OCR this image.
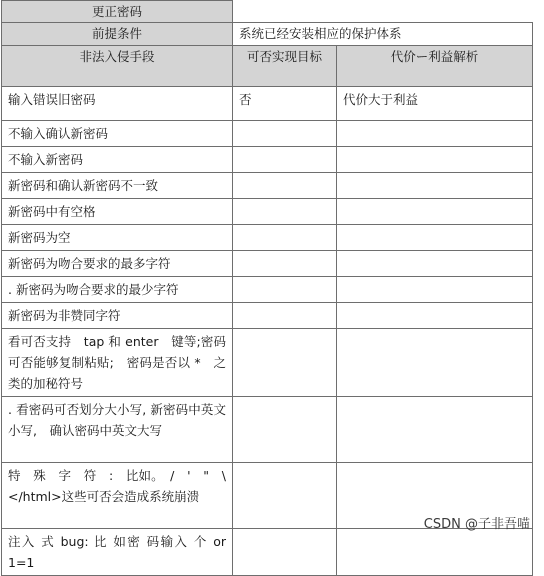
更正密码		
前提条件	系统已经安装相应的保护体系	
非法入侵手段	可否实现目标	代价ー利益解析
输入错误旧密码	否	代价大于利益
不输入确认新密码		
不输入新密码		
新密码和确认新密码不一致		
新密码中有空格		
新密码为空		
新密码为吻合要求的最多字符		
. 新密码为吻合要求的最少字符		
新密码为非赞同字符		
看可否支持　tap 和 enter　键等;密码可否能够复制粘贴;　密码是否以 *　之类的加秘符号		
. 看密码可否划分大小写, 新密码中英文小写,　确认密码中英文大写		
特　殊　字　符　:　比如。　/　'　"　\　</html>这些可否会造成系统崩溃		
注入 式 bug: 比 如密 码输入 个 or　1=1		
CSDN @子非吾喵
